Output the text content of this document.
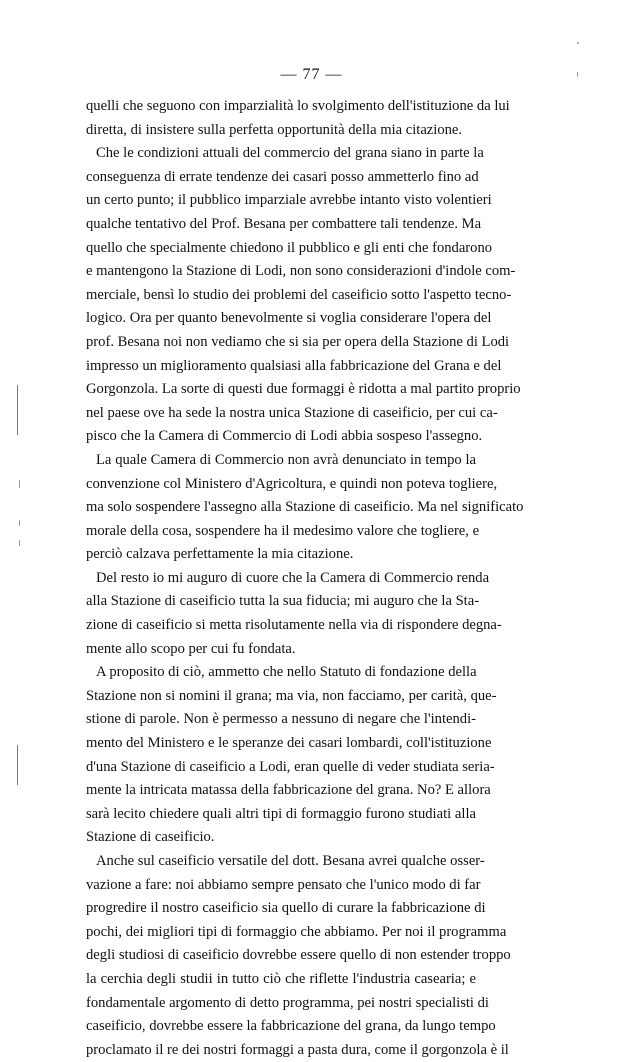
— 77 —

quelli che seguono con imparzialità lo svolgimento dell'istituzione da lui
diretta, di insistere sulla perfetta opportunità della mia citazione.

Che le condizioni attuali del commercio del grana siano in parte la
conseguenza di errate tendenze dei casari posso ammetterlo fino ad
un certo punto; il pubblico imparziale avrebbe intanto visto volentieri
qualche tentativo del Prof. Besana per combattere tali tendenze. Ma
quello che specialmente chiedono il pubblico e gli enti che fondarono
e mantengono la Stazione di Lodi, non sono considerazioni d'indole com-
merciale, bensì lo studio dei problemi del caseificio sotto l'aspetto tecno-
logico. Ora per quanto benevolmente si voglia considerare l'opera del
prof. Besana noi non vediamo che si sia per opera della Stazione di Lodi
impresso un miglioramento qualsiasi alla fabbricazione del Grana e del
Gorgonzola. La sorte di questi due formaggi è ridotta a mal partito proprio
nel paese ove ha sede la nostra unica Stazione di caseificio, per cui ca-
pisco che la Camera di Commercio di Lodi abbia sospeso l'assegno.

La quale Camera di Commercio non avrà denunciato in tempo la
convenzione col Ministero d'Agricoltura, e quindi non poteva togliere,
ma solo sospendere l'assegno alla Stazione di caseificio. Ma nel significato
morale della cosa, sospendere ha il medesimo valore che togliere, e
perciò calzava perfettamente la mia citazione.

Del resto io mi auguro di cuore che la Camera di Commercio renda
alla Stazione di caseificio tutta la sua fiducia; mi auguro che la Sta-
zione di caseificio si metta risolutamente nella via di rispondere degna-
mente allo scopo per cui fu fondata.

A proposito di ciò, ammetto che nello Statuto di fondazione della
Stazione non si nomini il grana; ma via, non facciamo, per carità, que-
stione di parole. Non è permesso a nessuno di negare che l'intendi-
mento del Ministero e le speranze dei casari lombardi, coll'istituzione
d'una Stazione di caseificio a Lodi, eran quelle di veder studiata seria-
mente la intricata matassa della fabbricazione del grana. No? E allora
sarà lecito chiedere quali altri tipi di formaggio furono studiati alla
Stazione di caseificio.

Anche sul caseificio versatile del dott. Besana avrei qualche osser-
vazione a fare: noi abbiamo sempre pensato che l'unico modo di far
progredire il nostro caseificio sia quello di curare la fabbricazione di
pochi, dei migliori tipi di formaggio che abbiamo. Per noi il programma
degli studiosi di caseificio dovrebbe essere quello di non estender troppo
la cerchia degli studii in tutto ciò che riflette l'industria casearia; e
fondamentale argomento di detto programma, pei nostri specialisti di
caseificio, dovrebbe essere la fabbricazione del grana, da lungo tempo
proclamato il re dei nostri formaggi a pasta dura, come il gorgonzola è il
